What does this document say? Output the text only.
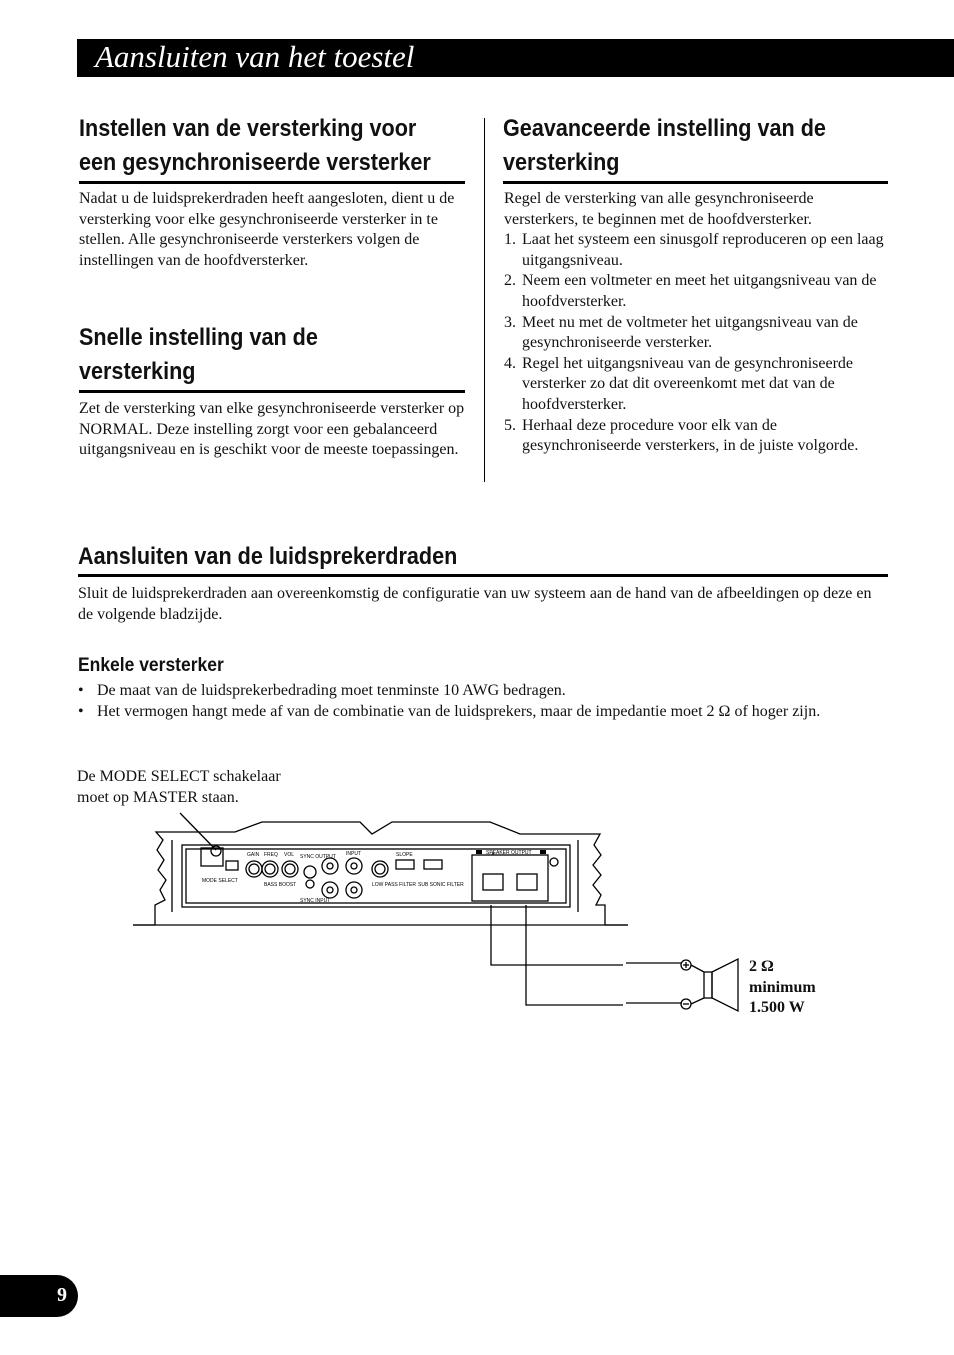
Aansluiten van het toestel
Instellen van de versterking voor
een gesynchroniseerde versterker

Nadat u de luidsprekerdraden heeft aangesloten, dient u de versterking voor elke gesynchroniseerde versterker in te stellen. Alle gesynchroniseerde versterkers volgen de instellingen van de hoofdversterker.

Snelle instelling van de
versterking

Zet de versterking van elke gesynchroniseerde versterker op NORMAL. Deze instelling zorgt voor een gebalanceerd uitgangsniveau en is geschikt voor de meeste toepassingen.

Geavanceerde instelling van de
versterking

Regel de versterking van alle gesynchroniseerde versterkers, te beginnen met de hoofdversterker.

1. Laat het systeem een sinusgolf reproduceren op een laag uitgangsniveau.
2. Neem een voltmeter en meet het uitgangsniveau van de hoofdversterker.
3. Meet nu met de voltmeter het uitgangsniveau van de gesynchroniseerde versterker.
4. Regel het uitgangsniveau van de gesynchroniseerde versterker zo dat dit overeenkomt met dat van de hoofdversterker.
5. Herhaal deze procedure voor elk van de gesynchroniseerde versterkers, in de juiste volgorde.
Aansluiten van de luidsprekerdraden

Sluit de luidsprekerdraden aan overeenkomstig de configuratie van uw systeem aan de hand van de afbeeldingen op deze en de volgende bladzijde.

Enkele versterker
• De maat van de luidsprekerbedrading moet tenminste 10 AWG bedragen.
• Het vermogen hangt mede af van de combinatie van de luidsprekers, maar de impedantie moet 2 Ω of hoger zijn.
De MODE SELECT schakelaar
moet op MASTER staan.
MODE SELECT
GAIN FREQ VOL
BASS BOOST
SYNC OUTPUT
SYNC INPUT
INPUT	SLOPE
LOW PASS FILTER SUB SONIC FILTER
SPEAKER OUTPUT
2 Ω
minimum
1.500 W
9
